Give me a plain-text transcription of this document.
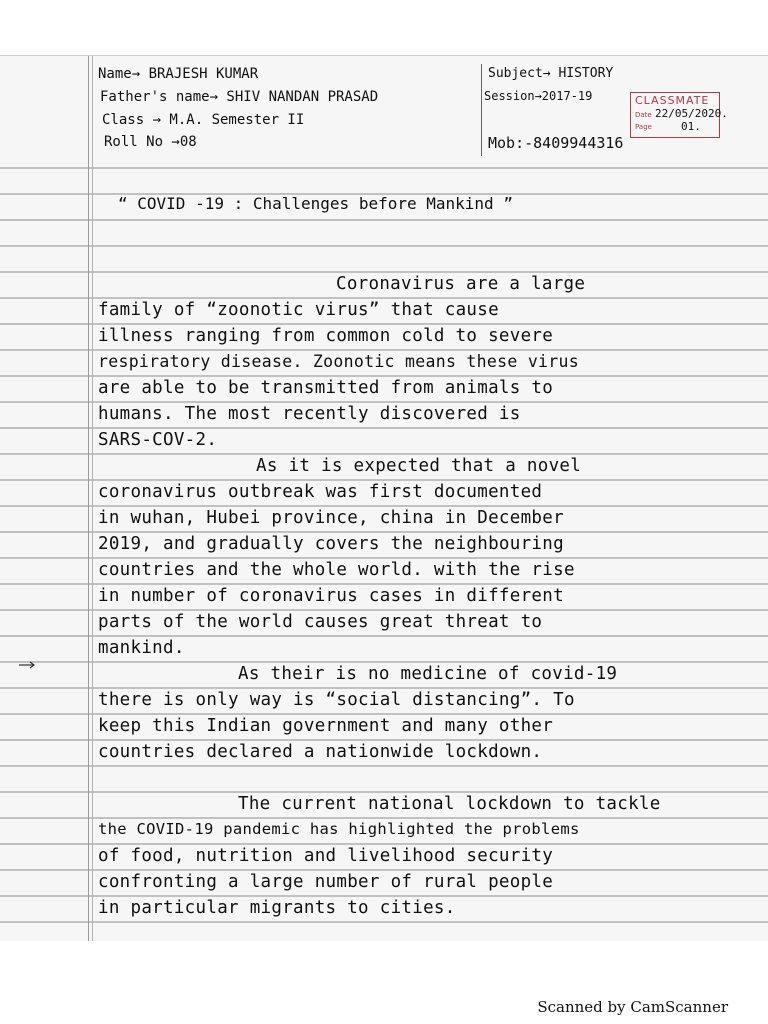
Name→ BRAJESH KUMAR
Father's name→ SHIV NANDAN PRASAD
Class → M.A. Semester II
Roll No →08
Subject→ HISTORY
Session→2017-19
Mob:-8409944316
CLASSMATE
Date 22/05/2020.
Page	01.
“ COVID -19 : Challenges before Mankind ”
Coronavirus are a large
family of “zoonotic virus” that cause
illness ranging from common cold to severe
respiratory disease. Zoonotic means these virus
are able to be transmitted from animals to
humans. The most recently discovered is
SARS-COV-2.
As it is expected that a novel
coronavirus outbreak was first documented
in wuhan, Hubei province, china in December
2019, and gradually covers the neighbouring
countries and the whole world. with the rise
in number of coronavirus cases in different
parts of the world causes great threat to
mankind.
As their is no medicine of covid-19
there is only way is “social distancing”. To
keep this Indian government and many other
countries declared a nationwide lockdown.
The current national lockdown to tackle
the COVID-19 pandemic has highlighted the problems
of food, nutrition and livelihood security
confronting a large number of rural people
in particular migrants to cities.
Scanned by CamScanner
